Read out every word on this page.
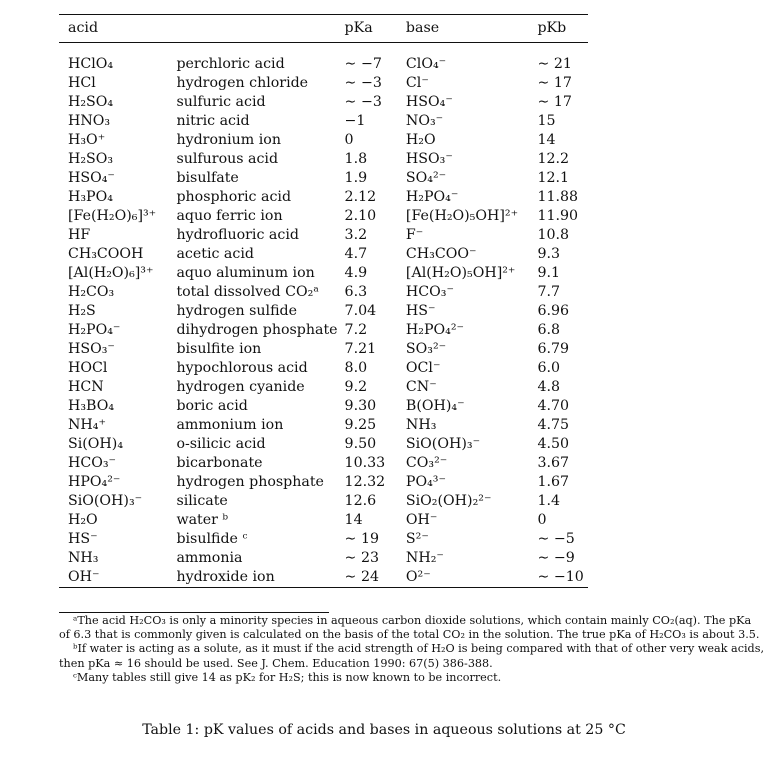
acid		pKa	base	pKb

HClO₄	perchloric acid	∼ −7	ClO₄⁻	∼ 21
HCl	hydrogen chloride	∼ −3	Cl⁻	∼ 17
H₂SO₄	sulfuric acid	∼ −3	HSO₄⁻	∼ 17
HNO₃	nitric acid	−1	NO₃⁻	15
H₃O⁺	hydronium ion	0	H₂O	14
H₂SO₃	sulfurous acid	1.8	HSO₃⁻	12.2
HSO₄⁻	bisulfate	1.9	SO₄²⁻	12.1
H₃PO₄	phosphoric acid	2.12	H₂PO₄⁻	11.88
[Fe(H₂O)₆]³⁺	aquo ferric ion	2.10	[Fe(H₂O)₅OH]²⁺	11.90
HF	hydrofluoric acid	3.2	F⁻	10.8
CH₃COOH	acetic acid	4.7	CH₃COO⁻	9.3
[Al(H₂O)₆]³⁺	aquo aluminum ion	4.9	[Al(H₂O)₅OH]²⁺	9.1
H₂CO₃	total dissolved CO₂ᵃ	6.3	HCO₃⁻	7.7
H₂S	hydrogen sulfide	7.04	HS⁻	6.96
H₂PO₄⁻	dihydrogen phosphate	7.2	H₂PO₄²⁻	6.8
HSO₃⁻	bisulfite ion	7.21	SO₃²⁻	6.79
HOCl	hypochlorous acid	8.0	OCl⁻	6.0
HCN	hydrogen cyanide	9.2	CN⁻	4.8
H₃BO₄	boric acid	9.30	B(OH)₄⁻	4.70
NH₄⁺	ammonium ion	9.25	NH₃	4.75
Si(OH)₄	o-silicic acid	9.50	SiO(OH)₃⁻	4.50
HCO₃⁻	bicarbonate	10.33	CO₃²⁻	3.67
HPO₄²⁻	hydrogen phosphate	12.32	PO₄³⁻	1.67
SiO(OH)₃⁻	silicate	12.6	SiO₂(OH)₂²⁻	1.4
H₂O	water ᵇ	14	OH⁻	0
HS⁻	bisulfide ᶜ	∼ 19	S²⁻	∼ −5
NH₃	ammonia	∼ 23	NH₂⁻	∼ −9
OH⁻	hydroxide ion	∼ 24	O²⁻	∼ −10
ᵃThe acid H₂CO₃ is only a minority species in aqueous carbon dioxide solutions, which contain mainly CO₂(aq). The pKa of 6.3 that is commonly given is calculated on the basis of the total CO₂ in the solution. The true pKa of H₂CO₃ is about 3.5.
ᵇIf water is acting as a solute, as it must if the acid strength of H₂O is being compared with that of other very weak acids, then pKa ≈ 16 should be used. See J. Chem. Education 1990: 67(5) 386-388.
ᶜMany tables still give 14 as pK₂ for H₂S; this is now known to be incorrect.
Table 1: pK values of acids and bases in aqueous solutions at 25 °C
